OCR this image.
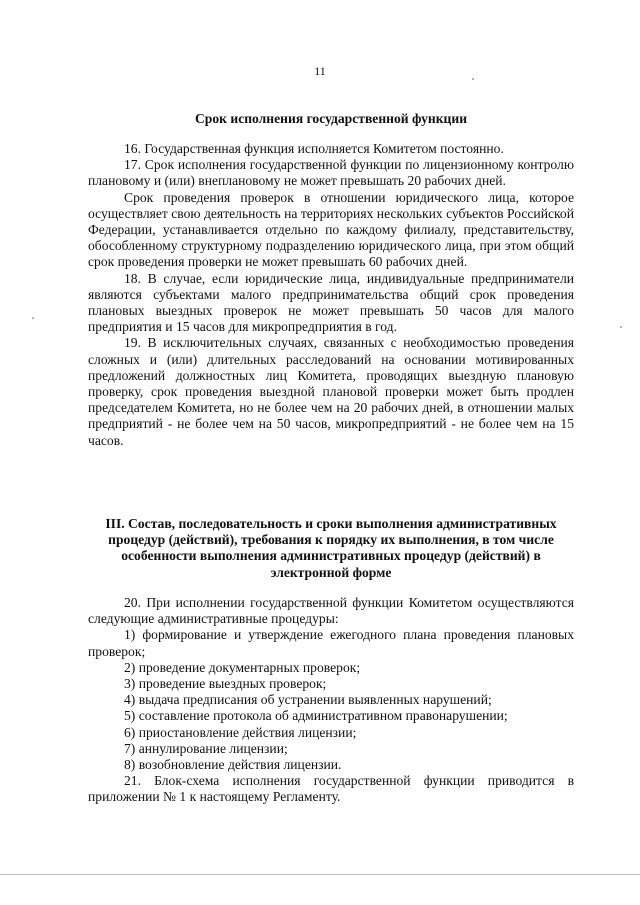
11
Срок исполнения государственной функции

16. Государственная функция исполняется Комитетом постоянно.

17. Срок исполнения государственной функции по лицензионному контролю плановому и (или) внеплановому не может превышать 20 рабочих дней.

Срок проведения проверок в отношении юридического лица, которое осуществляет свою деятельность на территориях нескольких субъектов Российской Федерации, устанавливается отдельно по каждому филиалу, представительству, обособленному структурному подразделению юридического лица, при этом общий срок проведения проверки не может превышать 60 рабочих дней.

18. В случае, если юридические лица, индивидуальные предприниматели являются субъектами малого предпринимательства общий срок проведения плановых выездных проверок не может превышать 50 часов для малого предприятия и 15 часов для микропредприятия в год.

19. В исключительных случаях, связанных с необходимостью проведения сложных и (или) длительных расследований на основании мотивированных предложений должностных лиц Комитета, проводящих выездную плановую проверку, срок проведения выездной плановой проверки может быть продлен председателем Комитета, но не более чем на 20 рабочих дней, в отношении малых предприятий - не более чем на 50 часов, микропредприятий - не более чем на 15 часов.

III. Состав, последовательность и сроки выполнения административных процедур (действий), требования к порядку их выполнения, в том числе особенности выполнения административных процедур (действий) в электронной форме

20. При исполнении государственной функции Комитетом осуществляются следующие административные процедуры:

1) формирование и утверждение ежегодного плана проведения плановых проверок;

2) проведение документарных проверок;

3) проведение выездных проверок;

4) выдача предписания об устранении выявленных нарушений;

5) составление протокола об административном правонарушении;

6) приостановление действия лицензии;

7) аннулирование лицензии;

8) возобновление действия лицензии.

21. Блок-схема исполнения государственной функции приводится в приложении № 1 к настоящему Регламенту.
